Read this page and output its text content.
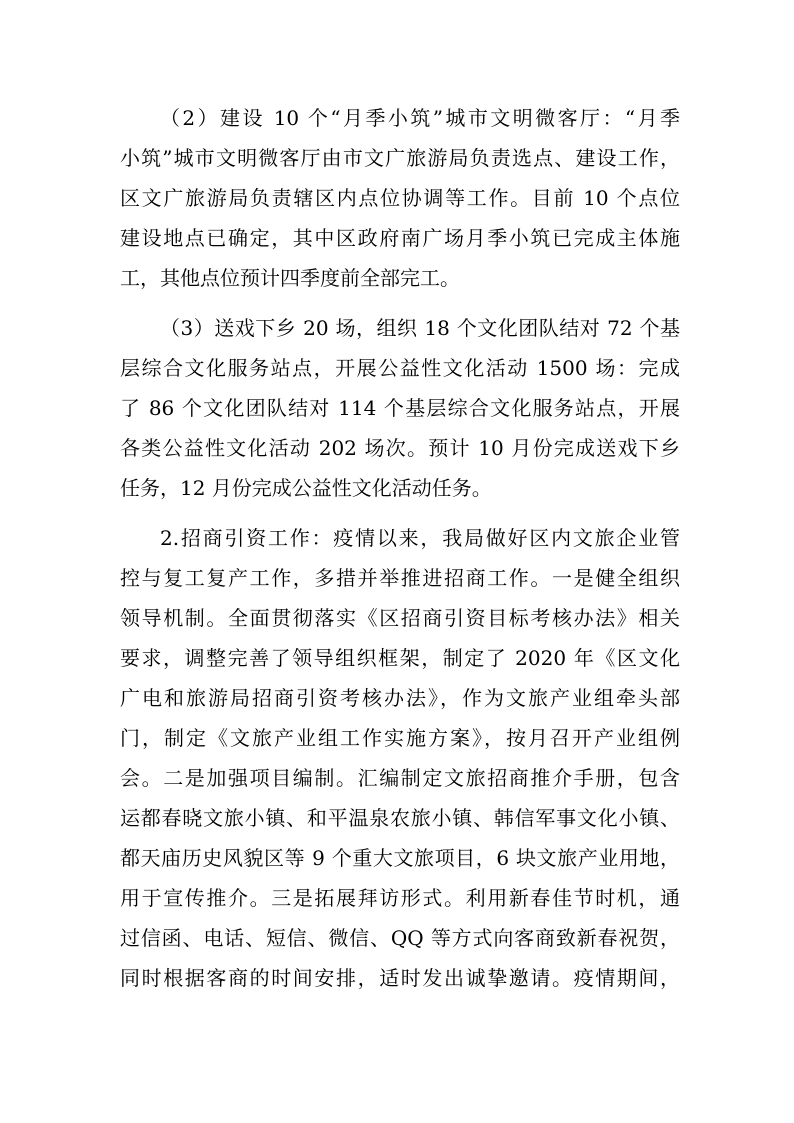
（2）建设 10 个“月季小筑”城市文明微客厅：“月季
小筑”城市文明微客厅由市文广旅游局负责选点、建设工作，
区文广旅游局负责辖区内点位协调等工作。目前 10 个点位
建设地点已确定，其中区政府南广场月季小筑已完成主体施
工，其他点位预计四季度前全部完工。
（3）送戏下乡 20 场，组织 18 个文化团队结对 72 个基
层综合文化服务站点，开展公益性文化活动 1500 场：完成
了 86 个文化团队结对 114 个基层综合文化服务站点，开展
各类公益性文化活动 202 场次。预计 10 月份完成送戏下乡
任务，12 月份完成公益性文化活动任务。
2.招商引资工作：疫情以来，我局做好区内文旅企业管
控与复工复产工作，多措并举推进招商工作。一是健全组织
领导机制。全面贯彻落实《区招商引资目标考核办法》相关
要求，调整完善了领导组织框架，制定了 2020 年《区文化
广电和旅游局招商引资考核办法》，作为文旅产业组牵头部
门，制定《文旅产业组工作实施方案》，按月召开产业组例
会。二是加强项目编制。汇编制定文旅招商推介手册，包含
运都春晓文旅小镇、和平温泉农旅小镇、韩信军事文化小镇、
都天庙历史风貌区等 9 个重大文旅项目，6 块文旅产业用地，
用于宣传推介。三是拓展拜访形式。利用新春佳节时机，通
过信函、电话、短信、微信、QQ 等方式向客商致新春祝贺，
同时根据客商的时间安排，适时发出诚挚邀请。疫情期间，
